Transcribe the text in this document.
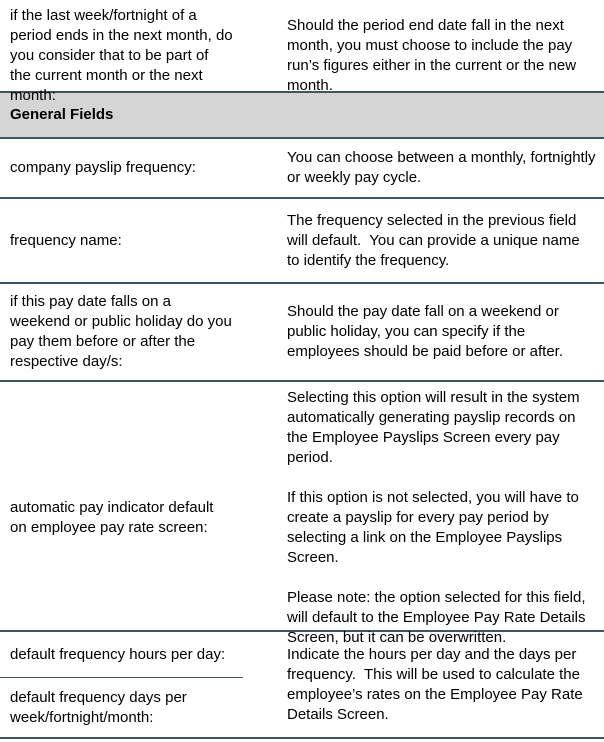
if the last week/fortnight of a period ends in the next month, do you consider that to be part of the current month or the next month:
Should the period end date fall in the next month, you must choose to include the pay run’s figures either in the current or the new month.
General Fields
company payslip frequency:
You can choose between a monthly, fortnightly or weekly pay cycle.
frequency name:
The frequency selected in the previous field will default.  You can provide a unique name to identify the frequency.
if this pay date falls on a weekend or public holiday do you pay them before or after the respective day/s:
Should the pay date fall on a weekend or public holiday, you can specify if the employees should be paid before or after.
automatic pay indicator default on employee pay rate screen:

Selecting this option will result in the system automatically generating payslip records on the Employee Payslips Screen every pay period.

If this option is not selected, you will have to create a payslip for every pay period by selecting a link on the Employee Payslips Screen.

Please note: the option selected for this field, will default to the Employee Pay Rate Details Screen, but it can be overwritten.

default frequency hours per day:
default frequency days per week/fortnight/month:
Indicate the hours per day and the days per frequency.  This will be used to calculate the employee’s rates on the Employee Pay Rate Details Screen.
